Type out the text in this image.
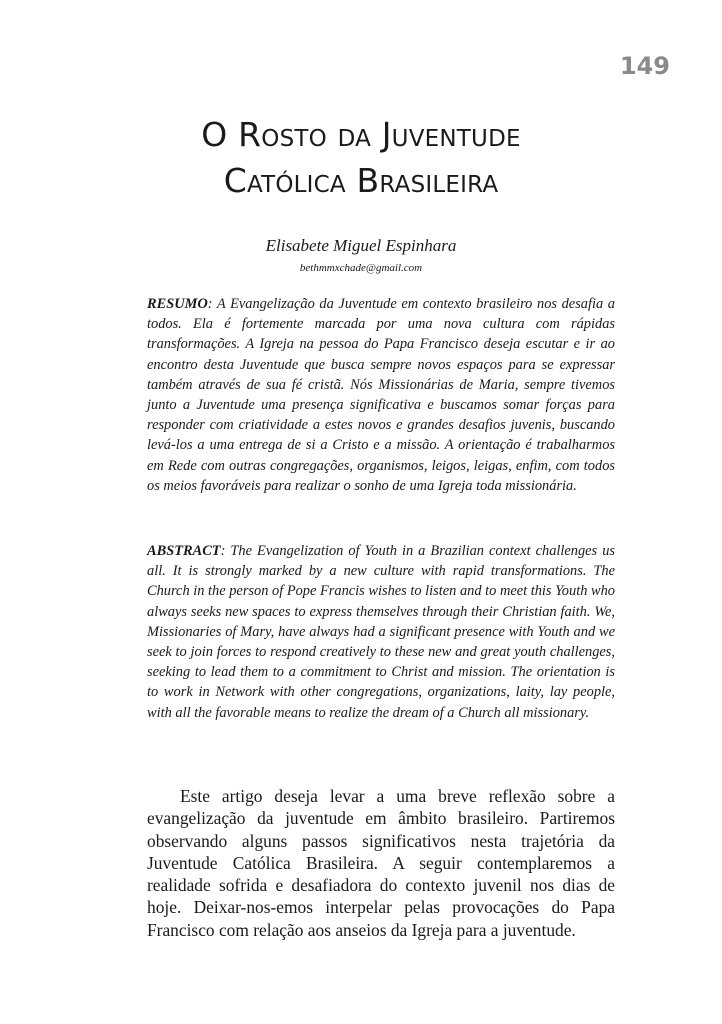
149
O Rosto da Juventude
Católica Brasileira
Elisabete Miguel Espinhara
bethmmxchade@gmail.com
RESUMO: A Evangelização da Juventude em contexto brasileiro nos desafia a todos. Ela é fortemente marcada por uma nova cultura com rápidas transformações. A Igreja na pessoa do Papa Francisco deseja escutar e ir ao encontro desta Juventude que busca sempre novos espaços para se expressar também através de sua fé cristã. Nós Missionárias de Maria, sempre tivemos junto a Juventude uma presença significativa e buscamos somar forças para responder com criatividade a estes novos e grandes desafios juvenis, buscando levá-los a uma entrega de si a Cristo e a missão. A orientação é trabalharmos em Rede com outras congregações, organismos, leigos, leigas, enfim, com todos os meios favoráveis para realizar o sonho de uma Igreja toda missionária.
ABSTRACT: The Evangelization of Youth in a Brazilian context challenges us all. It is strongly marked by a new culture with rapid transformations. The Church in the person of Pope Francis wishes to listen and to meet this Youth who always seeks new spaces to express themselves through their Christian faith. We, Missionaries of Mary, have always had a significant presence with Youth and we seek to join forces to respond creatively to these new and great youth challenges, seeking to lead them to a commitment to Christ and mission. The orientation is to work in Network with other congregations, organizations, laity, lay people, with all the favorable means to realize the dream of a Church all missionary.
Este artigo deseja levar a uma breve reflexão sobre a evangelização da juventude em âmbito brasileiro. Partiremos observando alguns passos significativos nesta trajetória da Juventude Católica Brasileira. A seguir contemplaremos a realidade sofrida e desafiadora do contexto juvenil nos dias de hoje. Deixar-nos-emos interpelar pelas provocações do Papa Francisco com relação aos anseios da Igreja para a juventude.
